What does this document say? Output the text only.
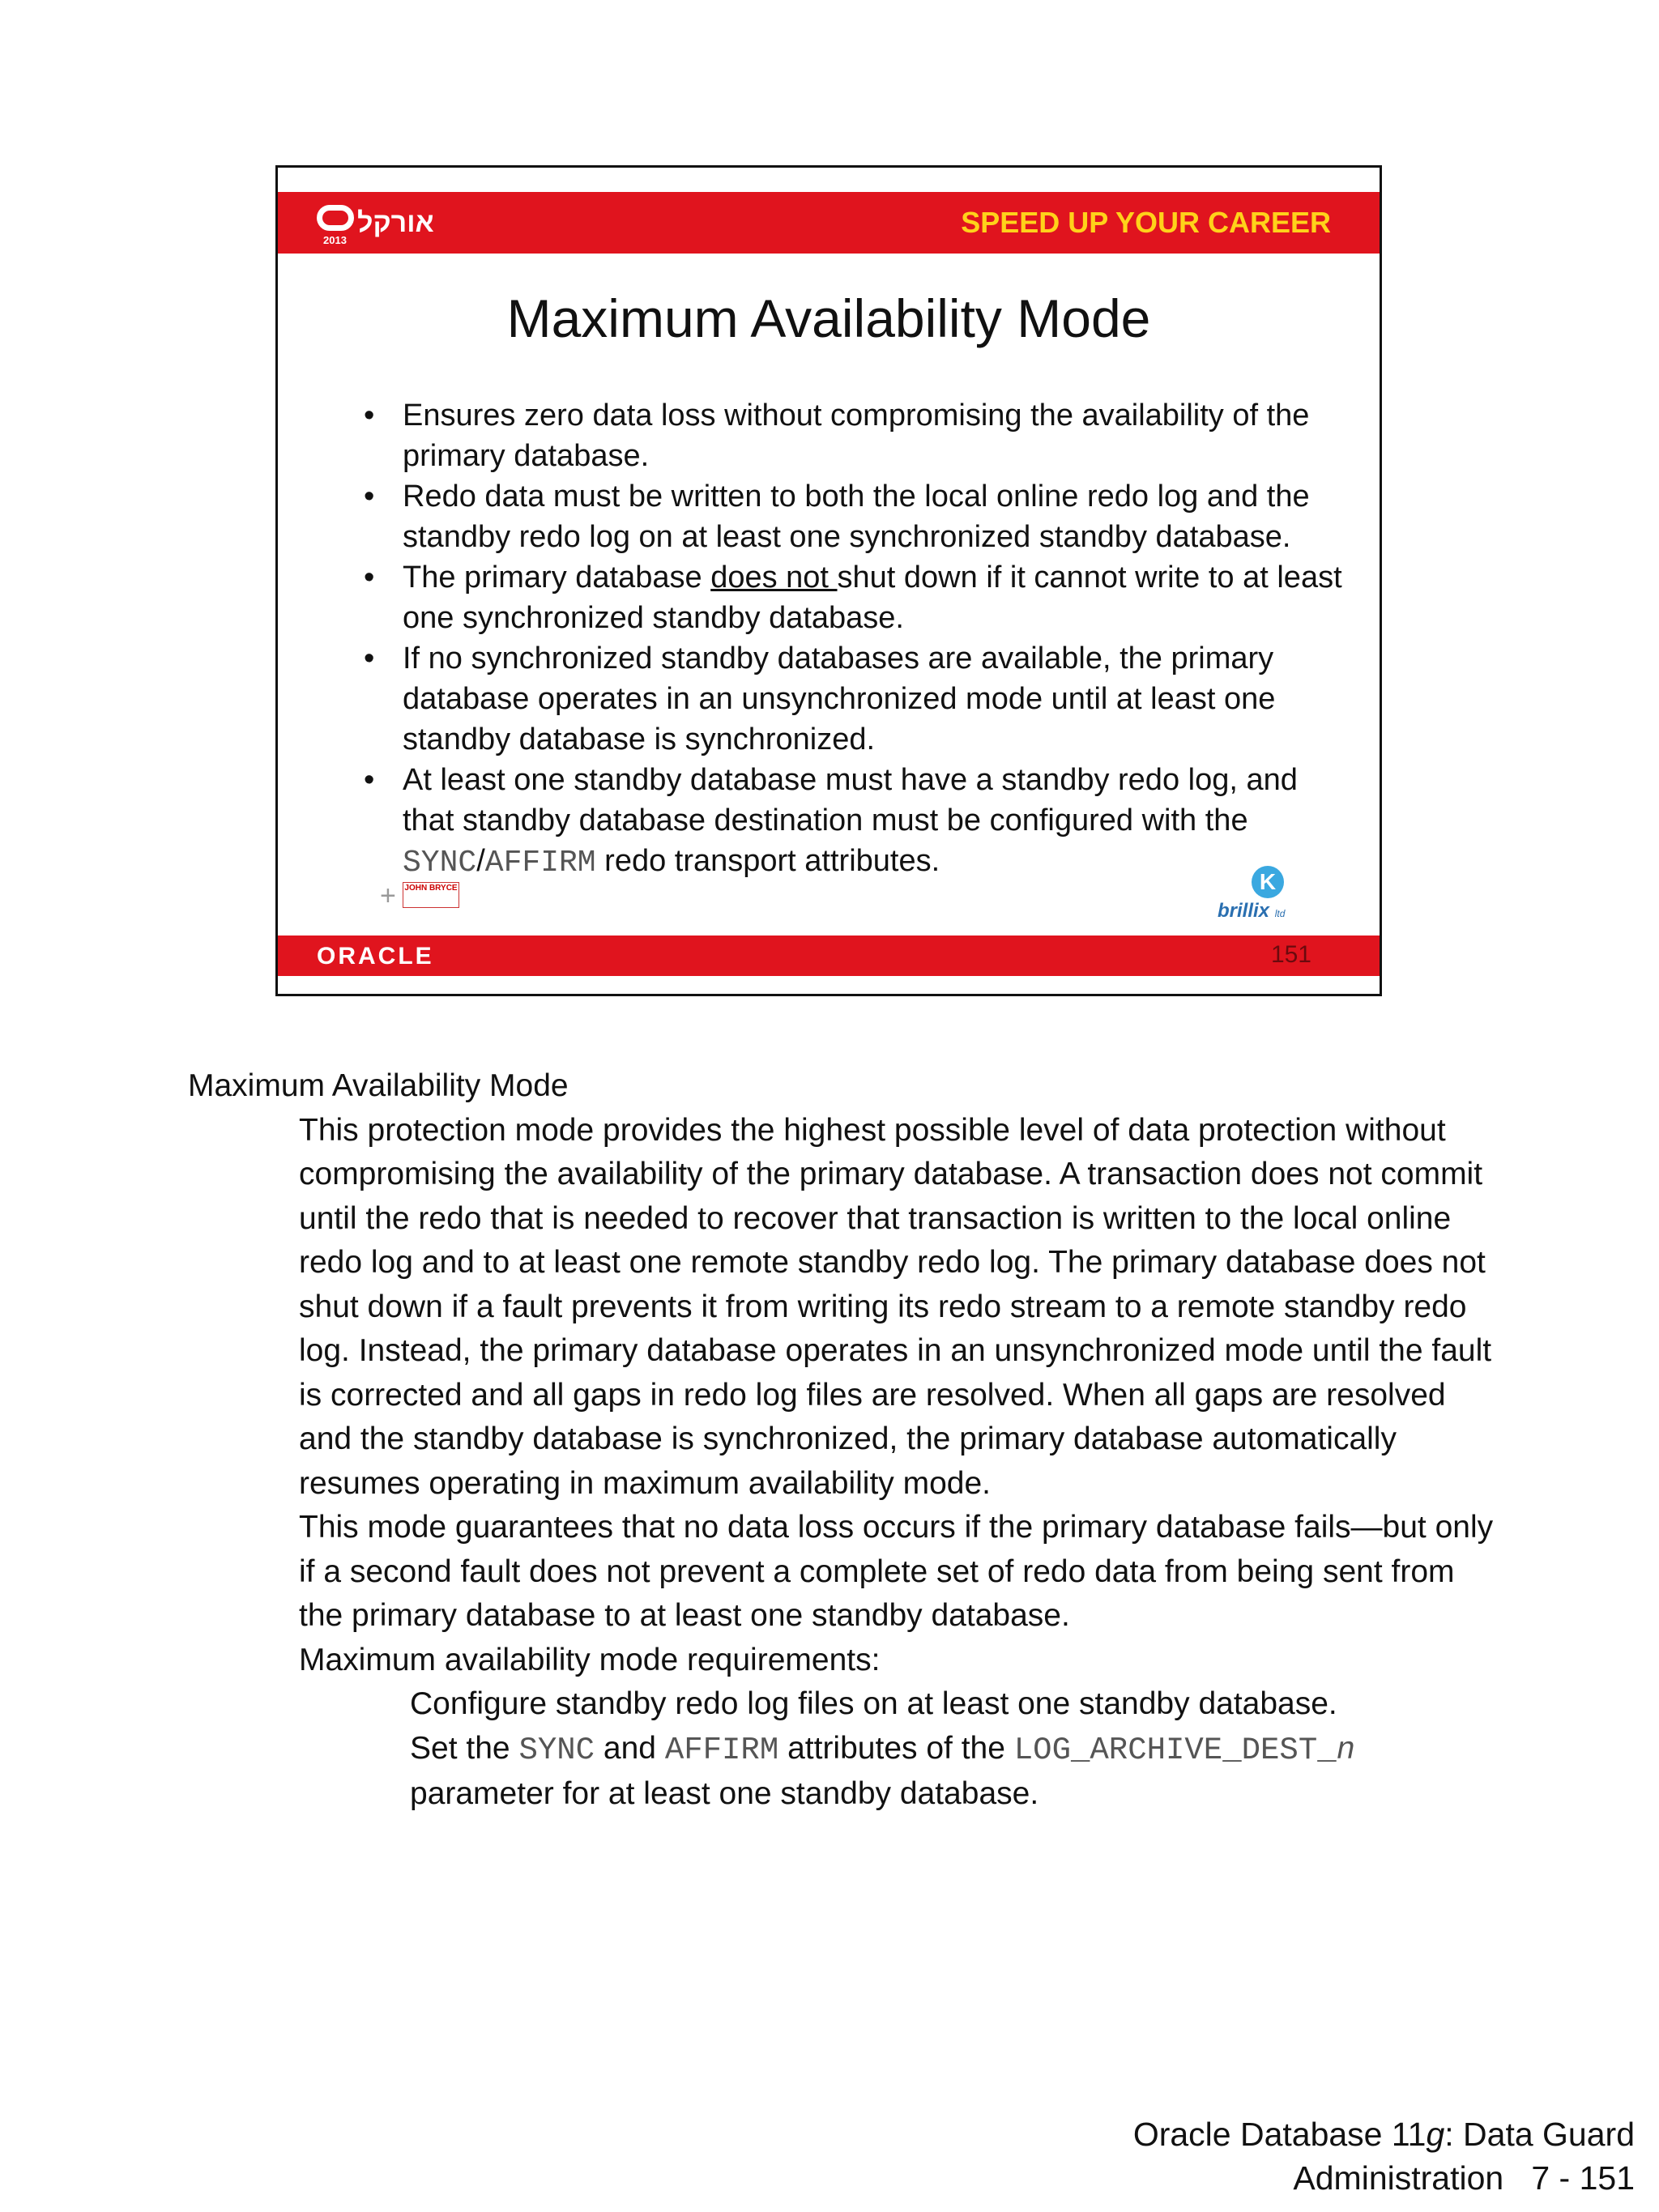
אורקל
2013
SPEED UP YOUR CAREER
Maximum Availability Mode
• Ensures zero data loss without compromising the availability of the primary database.
• Redo data must be written to both the local online redo log and the standby redo log on at least one synchronized standby database.
• The primary database does not shut down if it cannot write to at least one synchronized standby database.
• If no synchronized standby databases are available, the primary database operates in an unsynchronized mode until at least one standby database is synchronized.
• At least one standby database must have a standby redo log, and that standby database destination must be configured with the SYNC/AFFIRM redo transport attributes.
+ JOHN BRYCE	K
brillix ltd
ORACLE	151

Maximum Availability Mode

This protection mode provides the highest possible level of data protection without compromising the availability of the primary database. A transaction does not commit until the redo that is needed to recover that transaction is written to the local online redo log and to at least one remote standby redo log. The primary database does not shut down if a fault prevents it from writing its redo stream to a remote standby redo log. Instead, the primary database operates in an unsynchronized mode until the fault is corrected and all gaps in redo log files are resolved. When all gaps are resolved and the standby database is synchronized, the primary database automatically resumes operating in maximum availability mode.

This mode guarantees that no data loss occurs if the primary database fails—but only if a second fault does not prevent a complete set of redo data from being sent from the primary database to at least one standby database.

Maximum availability mode requirements:

Configure standby redo log files on at least one standby database.

Set the SYNC and AFFIRM attributes of the LOG_ARCHIVE_DEST_n parameter for at least one standby database.

Oracle Database 11g: Data Guard
Administration   7 - 151
